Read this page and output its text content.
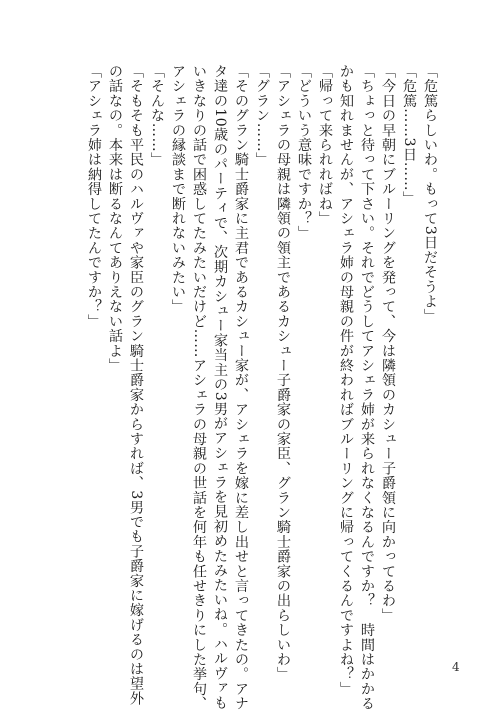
「危篤らしいわ。もって3日だそうよ」
「危篤……3日……」
「今日の早朝にブルーリングを発って、今は隣領のカシュー子爵領に向かってるわ」
「ちょっと待って下さい。それでどうしてアシェラ姉が来られなくなるんですか？　時間はかかる
かも知れませんが、アシェラ姉の母親の件が終わればブルーリングに帰ってくるんですよね？」
「帰って来られればね」
「どういう意味ですか？」
「アシェラの母親は隣領の領主であるカシュー子爵家の家臣、グラン騎士爵家の出らしいわ」
「グラン……」
「そのグラン騎士爵家に主君であるカシュー家が、アシェラを嫁に差し出せと言ってきたの。アナ
タ達の10歳のパーティで、次期カシュー家当主の3男がアシェラを見初めたみたいね。ハルヴァも
いきなりの話で困惑してたみたいだけど……アシェラの母親の世話を何年も任せきりにした挙句、
アシェラの縁談まで断れないみたい」
「そんな……」
「そもそも平民のハルヴァや家臣のグラン騎士爵家からすれば、3男でも子爵家に嫁げるのは望外
の話なの。本来は断るなんてありえない話よ」
「アシェラ姉は納得してたんですか？」
4
